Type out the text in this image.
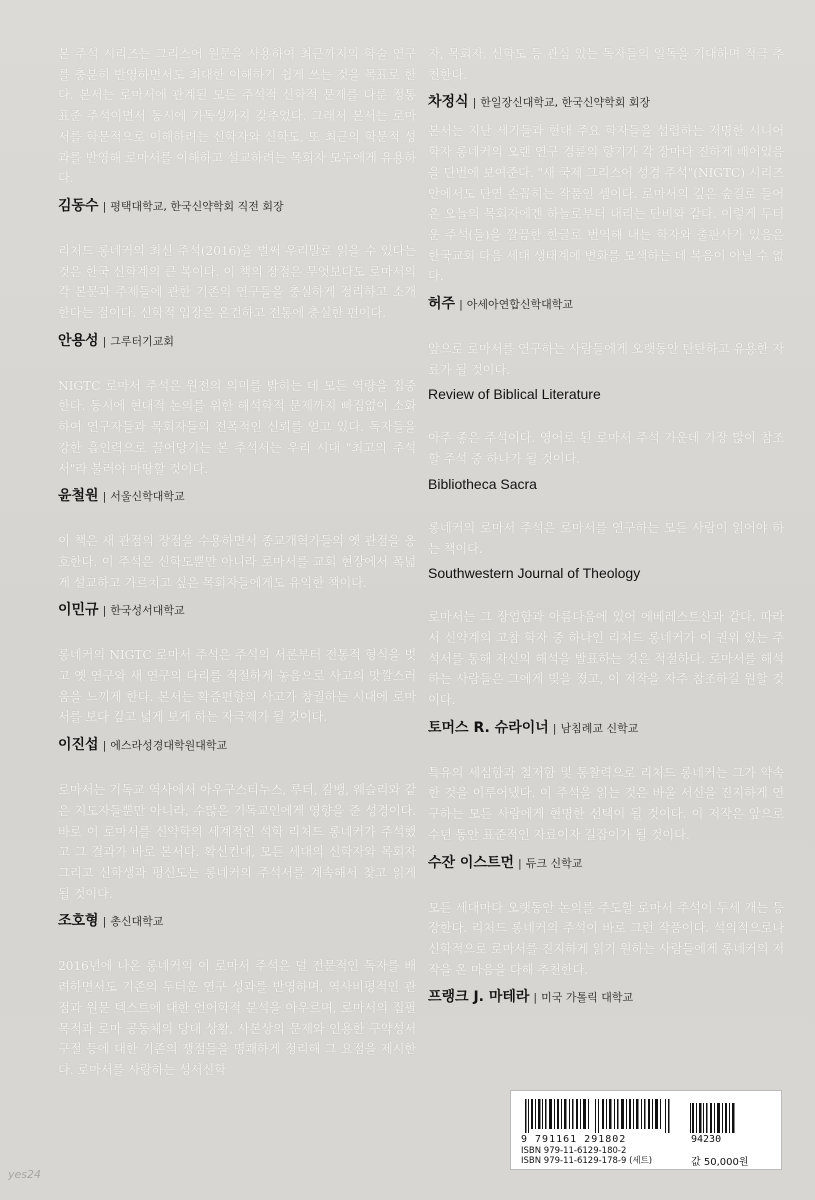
본 주석 시리즈는 그리스어 원문을 사용하여 최근까지의 학술 연구를 충분히 반영하면서도 최대한 이해하기 쉽게 쓰는 것을 목표로 한다. 본서는 로마서에 관계된 모든 주석적 신학적 문제를 다룬 정통 표준 주석이면서 동시에 가독성까지 갖추었다. 그래서 본서는 로마서를 학문적으로 이해하려는 신학자와 신학도, 또 최근의 학문적 성과를 반영해 로마서를 이해하고 설교하려는 목회자 모두에게 유용하다.

김동수 | 평택대학교, 한국신약학회 직전 회장

리처드 롱네커의 최신 주석(2016)을 벌써 우리말로 읽을 수 있다는 것은 한국 신학계의 큰 복이다. 이 책의 장점은 무엇보다도 로마서의 각 본문과 주제들에 관한 기존의 연구들을 충실하게 정리하고 소개한다는 점이다. 신학적 입장은 온건하고 전통에 충실한 편이다.

안용성 | 그루터기교회

NIGTC 로마서 주석은 원전의 의미를 밝히는 데 모든 역량을 집중한다. 동시에 현대적 논의를 위한 해석학적 문제까지 빠짐없이 소화하여 연구자들과 목회자들의 전폭적인 신뢰를 얻고 있다. 독자들을 강한 흡인력으로 끌어당기는 본 주석서는 우리 시대 "최고의 주석서"라 불러야 마땅할 것이다.

윤철원 | 서울신학대학교

이 책은 새 관점의 장점을 수용하면서 종교개혁가들의 옛 관점을 옹호한다. 이 주석은 신학도뿐만 아니라 로마서를 교회 현장에서 폭넓게 설교하고 가르치고 싶은 목회자들에게도 유익한 책이다.

이민규 | 한국성서대학교

롱네커의 NIGTC 로마서 주석은 주석의 서론부터 전통적 형식을 벗고 옛 연구와 새 연구의 다리를 적절하게 놓음으로 사고의 맛깔스러움을 느끼게 한다. 본서는 확증편향의 사고가 창궐하는 시대에 로마서를 보다 깊고 넓게 보게 하는 자극제가 될 것이다.

이진섭 | 에스라성경대학원대학교

로마서는 기독교 역사에서 아우구스티누스, 루터, 칼뱅, 웨슬리와 같은 지도자들뿐만 아니라, 수많은 기독교인에게 영향을 준 성경이다. 바로 이 로마서를 신약학의 세계적인 석학 리처드 롱네커가 주석했고 그 결과가 바로 본서다. 확신컨대, 모든 세대의 신학자와 목회자 그리고 신학생과 평신도는 롱네커의 주석서를 계속해서 찾고 읽게 될 것이다.

조호형 | 총신대학교

2016년에 나온 롱네커의 이 로마서 주석은 덜 전문적인 독자를 배려하면서도 기존의 두터운 연구 성과를 반영하며, 역사비평적인 관점과 원문 텍스트에 대한 언어학적 분석을 아우르며, 로마서의 집필 목적과 로마 공동체의 당대 상황, 사본상의 문제와 인용한 구약성서 구절 등에 대한 기존의 쟁점들을 명쾌하게 정리해 그 요점을 제시한다. 로마서를 사랑하는 성서신학

자, 목회자, 신학도 등 관심 있는 독자들의 일독을 기대하며 적극 추천한다.

차정식 | 한일장신대학교, 한국신약학회 회장

본서는 지난 세기들과 현대 주요 학자들을 섭렵하는 저명한 시니어 학자 롱네커의 오랜 연구 경륜의 향기가 각 장마다 진하게 배어있음을 단번에 보여준다. "새 국제 그리스어 성경 주석"(NIGTC) 시리즈 안에서도 단연 손꼽히는 작품인 셈이다. 로마서의 깊은 숲길로 들어온 오늘의 목회자에겐 하늘로부터 내리는 단비와 같다. 이렇게 두터운 주석(들)을 깔끔한 한글로 번역해 내는 학자와 출판사가 있음은 한국교회 다음 세대 생태계에 변화를 모색하는 데 복음이 아닐 수 없다.

허주 | 아세아연합신학대학교

앞으로 로마서를 연구하는 사람들에게 오랫동안 탄탄하고 유용한 자료가 될 것이다.

Review of Biblical Literature

아주 좋은 주석이다. 영어로 된 로마서 주석 가운데 가장 많이 참조할 주석 중 하나가 될 것이다.

Bibliotheca Sacra

롱네커의 로마서 주석은 로마서를 연구하는 모든 사람이 읽어야 하는 책이다.

Southwestern Journal of Theology

로마서는 그 장엄함과 아름다움에 있어 에베레스트산과 같다. 따라서 신약계의 고참 학자 중 하나인 리처드 롱네커가 이 권위 있는 주석서를 통해 자신의 해석을 발표하는 것은 적절하다. 로마서를 해석하는 사람들은 그에게 빚을 졌고, 이 저작을 자주 참조하길 원할 것이다.

토머스 R. 슈라이너 | 남침례교 신학교

특유의 세심함과 철저함 및 통찰력으로 리처드 롱네커는 그가 약속한 것을 이루어냈다. 이 주석을 읽는 것은 바울 서신을 진지하게 연구하는 모든 사람에게 현명한 선택이 될 것이다. 이 저작은 앞으로 수년 동안 표준적인 자료이자 길잡이가 될 것이다.

수잔 이스트먼 | 듀크 신학교

모든 세대마다 오랫동안 논의를 주도할 로마서 주석이 두세 개는 등장한다. 리처드 롱네커의 주석이 바로 그런 작품이다. 석의적으로나 신학적으로 로마서를 진지하게 읽기 원하는 사람들에게 롱네커의 저작을 온 마음을 다해 추천한다.

프랭크 J. 마테라 | 미국 가톨릭 대학교
9 791161 291802	94230
ISBN 979-11-6129-180-2
ISBN 979-11-6129-178-9 (세트)	값 50,000원
yes24
